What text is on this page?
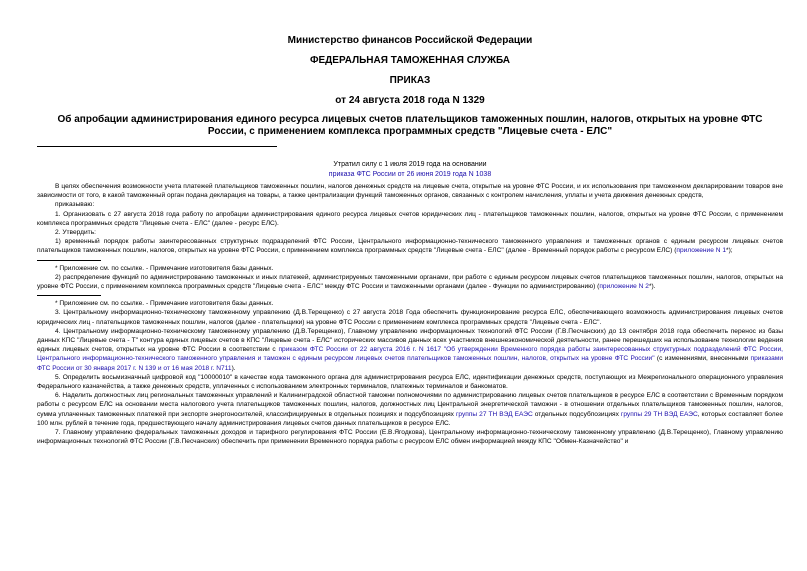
Министерство финансов Российской Федерации
ФЕДЕРАЛЬНАЯ ТАМОЖЕННАЯ СЛУЖБА
ПРИКАЗ
от 24 августа 2018 года N 1329
Об апробации администрирования единого ресурса лицевых счетов плательщиков таможенных пошлин, налогов, открытых на уровне ФТС России, с применением комплекса программных средств "Лицевые счета - ЕЛС"
Утратил силу с 1 июля 2019 года на основании
приказа ФТС России от 26 июня 2019 года N 1038

В целях обеспечения возможности учета платежей плательщиков таможенных пошлин, налогов денежных средств на лицевые счета, открытые на уровне ФТС России, и их использования при таможенном декларировании товаров вне зависимости от того, в какой таможенный орган подана декларация на товары, а также централизации функций таможенных органов, связанных с контролем начисления, уплаты и учета движения денежных средств,

приказываю:

1. Организовать с 27 августа 2018 года работу по апробации администрирования единого ресурса лицевых счетов юридических лиц - плательщиков таможенных пошлин, налогов, открытых на уровне ФТС России, с применением комплекса программных средств "Лицевые счета - ЕЛС" (далее - ресурс ЕЛС).

2. Утвердить:

1) временный порядок работы заинтересованных структурных подразделений ФТС России, Центрального информационно-технического таможенного управления и таможенных органов с единым ресурсом лицевых счетов плательщиков таможенных пошлин, налогов, открытых на уровне ФТС России, с применением комплекса программных средств "Лицевые счета - ЕЛС" (далее - Временный порядок работы с ресурсом ЕЛС) (приложение N 1*);

* Приложение см. по ссылке. - Примечание изготовителя базы данных.

2) распределение функций по администрированию таможенных и иных платежей, администрируемых таможенными органами, при работе с единым ресурсом лицевых счетов плательщиков таможенных пошлин, налогов, открытых на уровне ФТС России, с применением комплекса программных средств "Лицевые счета - ЕЛС" между ФТС России и таможенными органами (далее - Функции по администрированию) (приложение N 2*).

* Приложение см. по ссылке. - Примечание изготовителя базы данных.

3. Центральному информационно-техническому таможенному управлению (Д.В.Терещенко) с 27 августа 2018 Года обеспечить функционирование ресурса ЕЛС, обеспечивающего возможность администрирования лицевых счетов юридических лиц - плательщиков таможенных пошлин, налогов (далее - плательщики) на уровне ФТС России с применением комплекса программных средств "Лицевые счета - ЕЛС".

4. Центральному информационно-техническому таможенному управлению (Д.В.Терещенко), Главному управлению информационных технологий ФТС России (Г.В.Песчанских) до 13 сентября 2018 года обеспечить перенос из базы данных КПС "Лицевые счета - Т" контура единых лицевых счетов в КПС "Лицевые счета - ЕЛС" исторических массивов данных всех участников внешнеэкономической деятельности, ранее перешедших на использование технологии ведения единых лицевых счетов, открытых на уровне ФТС России в соответствии с приказом ФТС России от 22 августа 2016 г. N 1617 "Об утверждении Временного порядка работы заинтересованных структурных подразделений ФТС России, Центрального информационно-технического таможенного управления и таможен с единым ресурсом лицевых счетов плательщиков таможенных пошлин, налогов, открытых на уровне ФТС России" (с изменениями, внесенными приказами ФТС России от 30 января 2017 г. N 139 и от 16 мая 2018 г. N711).

5. Определить восьмизначный цифровой код "10000010" в качестве кода таможенного органа для администрирования ресурса ЕЛС, идентификации денежных средств, поступающих из Межрегионального операционного управления Федерального казначейства, а также денежных средств, уплаченных с использованием электронных терминалов, платежных терминалов и банкоматов.

6. Наделить должностных лиц региональных таможенных управлений и Калининградской областной таможни полномочиями по администрированию лицевых счетов плательщиков в ресурсе ЕЛС в соответствии с Временным порядком работы с ресурсом ЕЛС на основании места налогового учета плательщиков таможенных пошлин, налогов, должностных лиц Центральной энергетической таможни - в отношении отдельных плательщиков таможенных пошлин, налогов, сумма уплаченных таможенных платежей при экспорте энергоносителей, классифицируемых в отдельных позициях и подсубпозициях группы 27 ТН ВЭД ЕАЭС отдельных подсубпозициях группы 29 ТН ВЭД ЕАЭС, которых составляет более 100 млн. рублей в течение года, предшествующего началу администрирования лицевых счетов данных плательщиков в ресурсе ЕЛС.

7. Главному управлению федеральных таможенных доходов и тарифного регулирования ФТС России (Е.В.Ягодкова), Центральному информационно-техническому таможенному управлению (Д.В.Терещенко), Главному управлению информационных технологий ФТС России (Г.В.Песчанских) обеспечить при применении Временного порядка работы с ресурсом ЕЛС обмен информацией между КПС "Обмен-Казначейство" и
